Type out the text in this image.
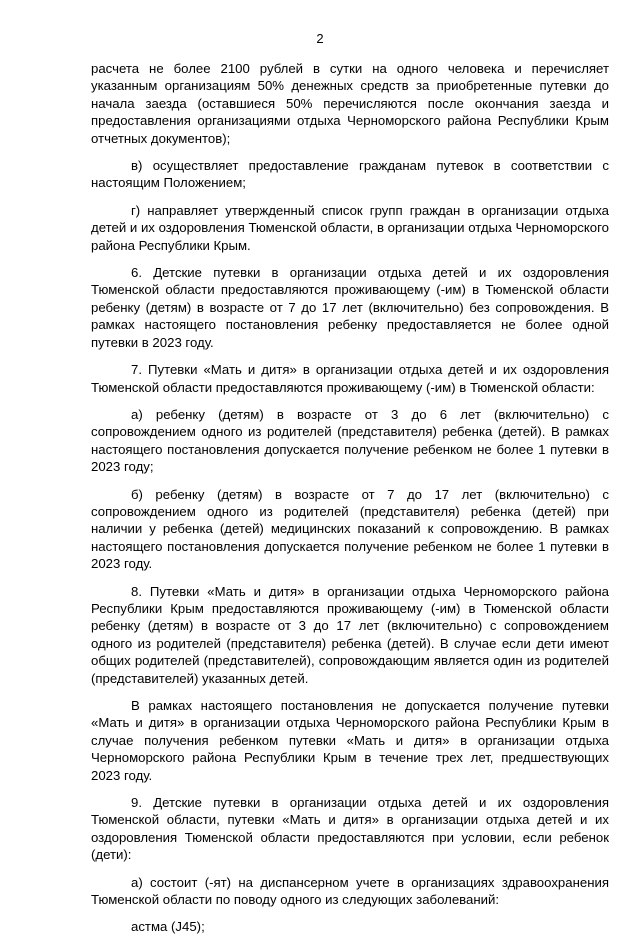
2

расчета не более 2100 рублей в сутки на одного человека и перечисляет указанным организациям 50% денежных средств за приобретенные путевки до начала заезда (оставшиеся 50% перечисляются после окончания заезда и предоставления организациями отдыха Черноморского района Республики Крым отчетных документов);

в) осуществляет предоставление гражданам путевок в соответствии с настоящим Положением;

г) направляет утвержденный список групп граждан в организации отдыха детей и их оздоровления Тюменской области, в организации отдыха Черноморского района Республики Крым.

6. Детские путевки в организации отдыха детей и их оздоровления Тюменской области предоставляются проживающему (-им) в Тюменской области ребенку (детям) в возрасте от 7 до 17 лет (включительно) без сопровождения. В рамках настоящего постановления ребенку предоставляется не более одной путевки в 2023 году.

7. Путевки «Мать и дитя» в организации отдыха детей и их оздоровления Тюменской области предоставляются проживающему (-им) в Тюменской области:

а) ребенку (детям) в возрасте от 3 до 6 лет (включительно) с сопровождением одного из родителей (представителя) ребенка (детей). В рамках настоящего постановления допускается получение ребенком не более 1 путевки в 2023 году;

б) ребенку (детям) в возрасте от 7 до 17 лет (включительно) с сопровождением одного из родителей (представителя) ребенка (детей) при наличии у ребенка (детей) медицинских показаний к сопровождению. В рамках настоящего постановления допускается получение ребенком не более 1 путевки в 2023 году.

8. Путевки «Мать и дитя» в организации отдыха Черноморского района Республики Крым предоставляются проживающему (-им) в Тюменской области ребенку (детям) в возрасте от 3 до 17 лет (включительно) с сопровождением одного из родителей (представителя) ребенка (детей). В случае если дети имеют общих родителей (представителей), сопровождающим является один из родителей (представителей) указанных детей.

В рамках настоящего постановления не допускается получение путевки «Мать и дитя» в организации отдыха Черноморского района Республики Крым в случае получения ребенком путевки «Мать и дитя» в организации отдыха Черноморского района Республики Крым в течение трех лет, предшествующих 2023 году.

9. Детские путевки в организации отдыха детей и их оздоровления Тюменской области, путевки «Мать и дитя» в организации отдыха детей и их оздоровления Тюменской области предоставляются при условии, если ребенок (дети):

а) состоит (-ят) на диспансерном учете в организациях здравоохранения Тюменской области по поводу одного из следующих заболеваний:

астма (J45);
